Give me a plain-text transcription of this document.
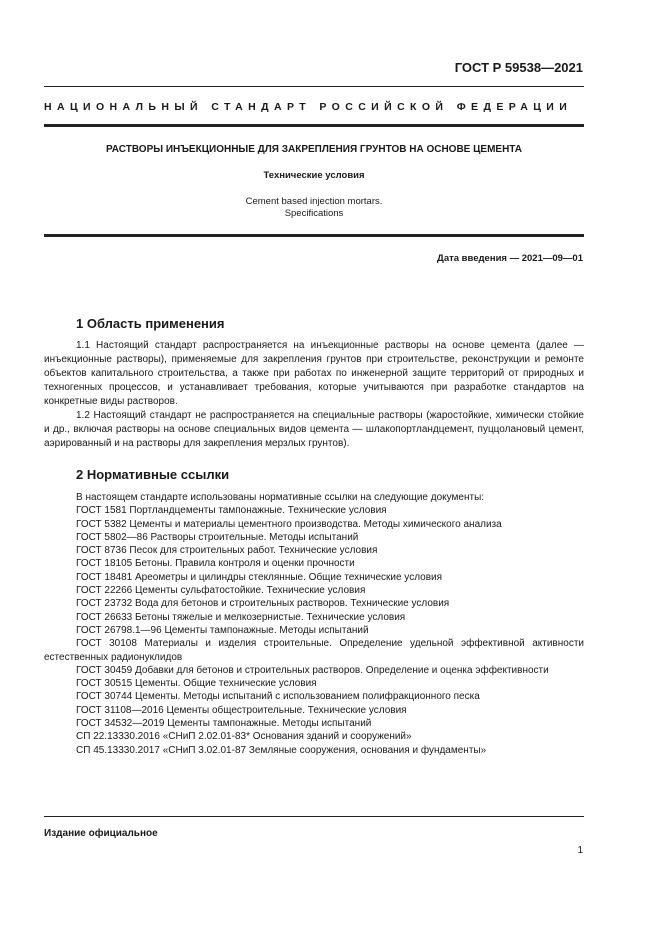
ГОСТ Р 59538—2021
НАЦИОНАЛЬНЫЙ СТАНДАРТ РОССИЙСКОЙ ФЕДЕРАЦИИ
РАСТВОРЫ ИНЪЕКЦИОННЫЕ ДЛЯ ЗАКРЕПЛЕНИЯ ГРУНТОВ НА ОСНОВЕ ЦЕМЕНТА
Технические условия
Cement based injection mortars.
Specifications
Дата введения — 2021—09—01
1 Область применения

1.1 Настоящий стандарт распространяется на инъекционные растворы на основе цемента (далее — инъекционные растворы), применяемые для закрепления грунтов при строительстве, реконструкции и ремонте объектов капитального строительства, а также при работах по инженерной защите территорий от природных и техногенных процессов, и устанавливает требования, которые учитываются при разработке стандартов на конкретные виды растворов.

1.2 Настоящий стандарт не распространяется на специальные растворы (жаростойкие, химически стойкие и др., включая растворы на основе специальных видов цемента — шлакопортландцемент, пуццолановый цемент, аэрированный и на растворы для закрепления мерзлых грунтов).

2 Нормативные ссылки
В настоящем стандарте использованы нормативные ссылки на следующие документы:
ГОСТ 1581 Портландцементы тампонажные. Технические условия
ГОСТ 5382 Цементы и материалы цементного производства. Методы химического анализа
ГОСТ 5802—86 Растворы строительные. Методы испытаний
ГОСТ 8736 Песок для строительных работ. Технические условия
ГОСТ 18105 Бетоны. Правила контроля и оценки прочности
ГОСТ 18481 Ареометры и цилиндры стеклянные. Общие технические условия
ГОСТ 22266 Цементы сульфатостойкие. Технические условия
ГОСТ 23732 Вода для бетонов и строительных растворов. Технические условия
ГОСТ 26633 Бетоны тяжелые и мелкозернистые. Технические условия
ГОСТ 26798.1—96 Цементы тампонажные. Методы испытаний
ГОСТ 30108 Материалы и изделия строительные. Определение удельной эффективной активности естественных радионуклидов
ГОСТ 30459 Добавки для бетонов и строительных растворов. Определение и оценка эффективности
ГОСТ 30515 Цементы. Общие технические условия
ГОСТ 30744 Цементы. Методы испытаний с использованием полифракционного песка
ГОСТ 31108—2016 Цементы общестроительные. Технические условия
ГОСТ 34532—2019 Цементы тампонажные. Методы испытаний
СП 22.13330.2016 «СНиП 2.02.01-83* Основания зданий и сооружений»
СП 45.13330.2017 «СНиП 3.02.01-87 Земляные сооружения, основания и фундаменты»
Издание официальное
1
